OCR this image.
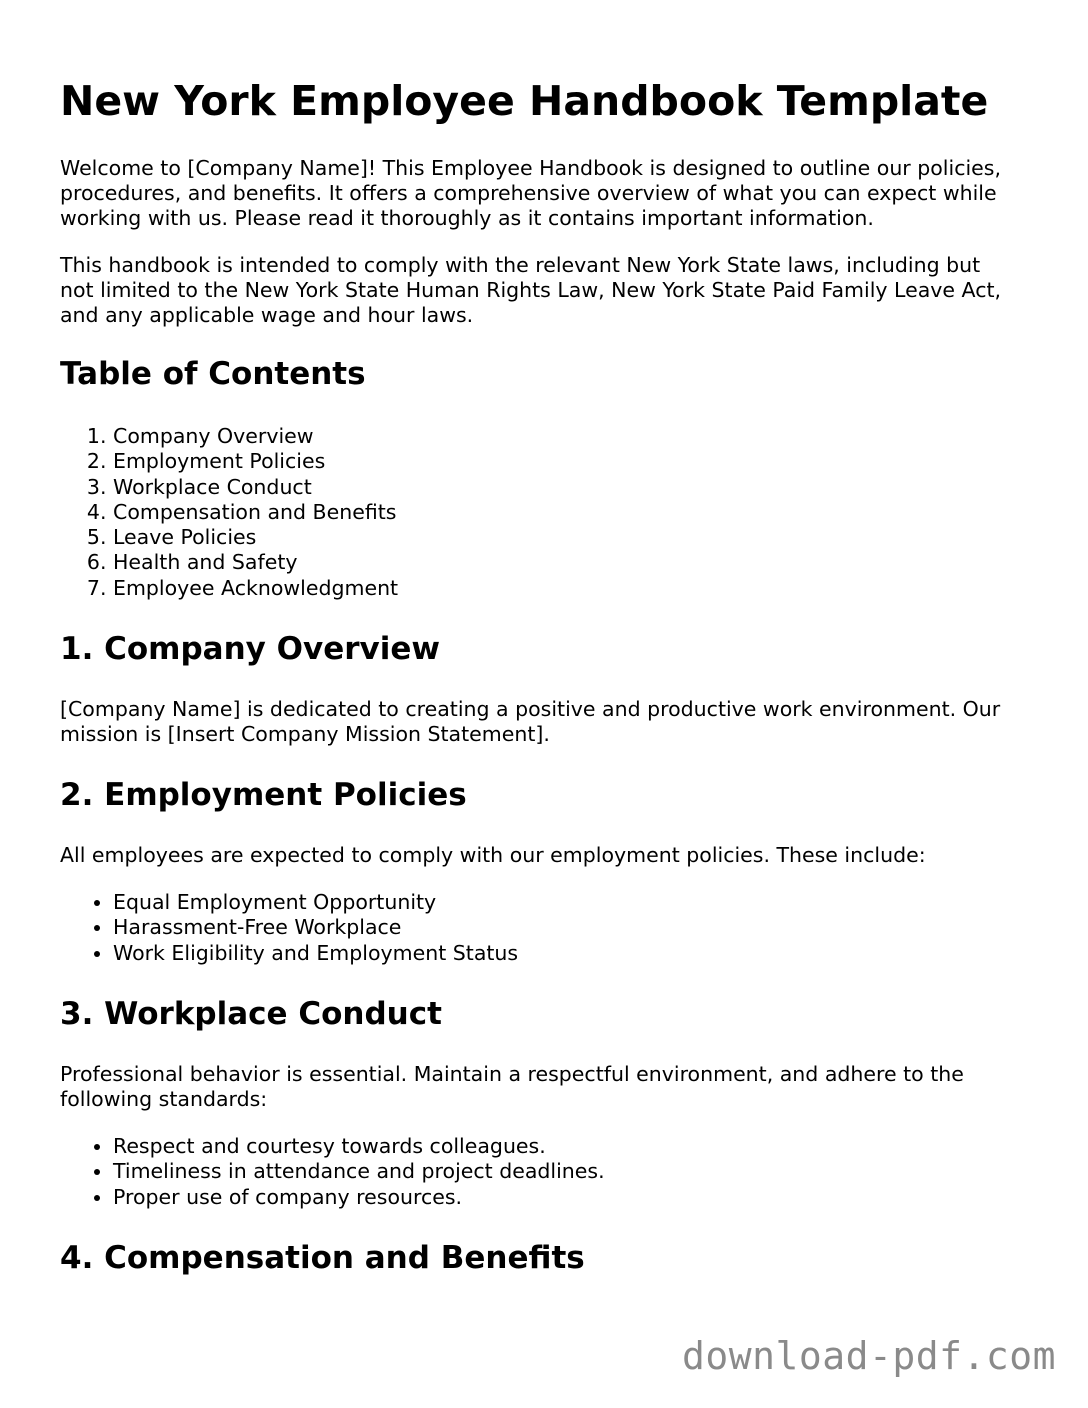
New York Employee Handbook Template

Welcome to [Company Name]! This Employee Handbook is designed to outline our policies, procedures, and benefits. It offers a comprehensive overview of what you can expect while working with us. Please read it thoroughly as it contains important information.

This handbook is intended to comply with the relevant New York State laws, including but not limited to the New York State Human Rights Law, New York State Paid Family Leave Act, and any applicable wage and hour laws.

Table of Contents
1. Company Overview
2. Employment Policies
3. Workplace Conduct
4. Compensation and Benefits
5. Leave Policies
6. Health and Safety
7. Employee Acknowledgment
1. Company Overview

[Company Name] is dedicated to creating a positive and productive work environment. Our mission is [Insert Company Mission Statement].

2. Employment Policies

All employees are expected to comply with our employment policies. These include:

• Equal Employment Opportunity
• Harassment-Free Workplace
• Work Eligibility and Employment Status
3. Workplace Conduct

Professional behavior is essential. Maintain a respectful environment, and adhere to the following standards:

• Respect and courtesy towards colleagues.
• Timeliness in attendance and project deadlines.
• Proper use of company resources.
4. Compensation and Benefits
download-pdf.com
